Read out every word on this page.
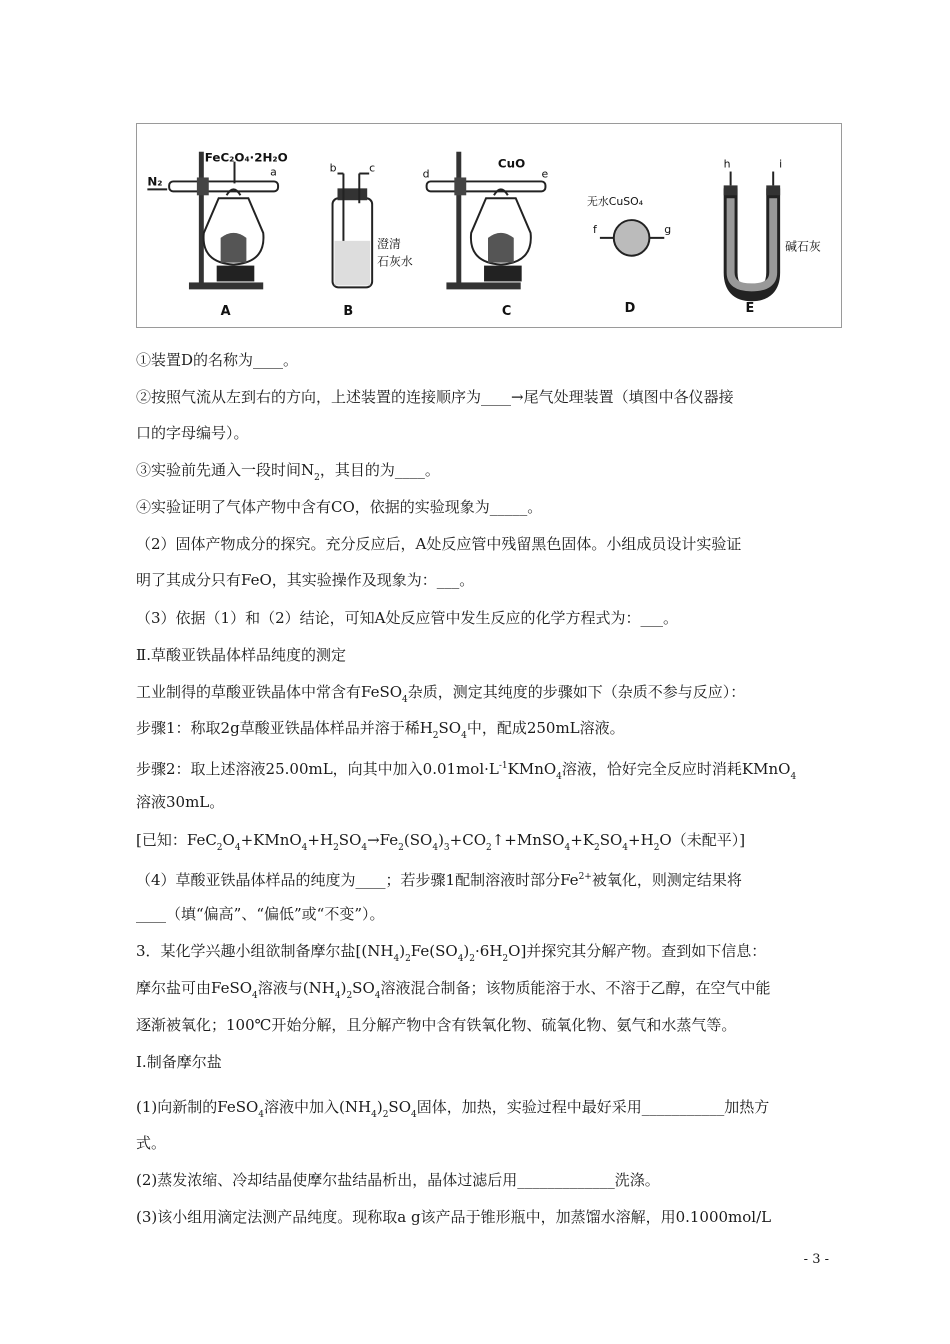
N₂
FeC₂O₄·2H₂O
a
A
b	c
澄清
石灰水
B
CuO
d	e
C
无水CuSO₄
f	g
D
h	i
碱石灰
E
①装置D的名称为____。
②按照气流从左到右的方向，上述装置的连接顺序为____→尾气处理装置（填图中各仪器接
口的字母编号）。
③实验前先通入一段时间$N_2$，其目的为____。
④实验证明了气体产物中含有CO，依据的实验现象为_____。
（2）固体产物成分的探究。充分反应后，A处反应管中残留黑色固体。小组成员设计实验证
明了其成分只有FeO，其实验操作及现象为：___。
（3）依据（1）和（2）结论，可知A处反应管中发生反应的化学方程式为：___。
Ⅱ.草酸亚铁晶体样品纯度的测定
工业制得的草酸亚铁晶体中常含有FeSO$_4$杂质，测定其纯度的步骤如下（杂质不参与反应）：
步骤1：称取2g草酸亚铁晶体样品并溶于稀$H_2SO_4$中，配成250mL溶液。
步骤2：取上述溶液25.00mL，向其中加入$0.01mol\cdot L^{-1}KMnO_4$溶液，恰好完全反应时消耗KMnO$_4$
溶液30mL。
[已知：$FeC_2O_4+KMnO_4+H_2SO_4\to Fe_2(SO_4)_3+CO_2↑+MnSO_4+K_2SO_4+H_2O$（未配平）]
（4）草酸亚铁晶体样品的纯度为____；若步骤1配制溶液时部分$Fe^{2+}$被氧化，则测定结果将
____（填“偏高”、“偏低”或“不变”）。
3．某化学兴趣小组欲制备摩尔盐$[(NH_4)_2Fe(SO_4)_2\cdot 6H_2O]$并探究其分解产物。查到如下信息：
摩尔盐可由FeSO$_4$溶液与$(NH_4)_2SO_4$溶液混合制备；该物质能溶于水、不溶于乙醇，在空气中能
逐渐被氧化；100℃开始分解，且分解产物中含有铁氧化物、硫氧化物、氨气和水蒸气等。
I.制备摩尔盐
(1)向新制的FeSO$_4$溶液中加入$(NH_4)_2SO_4$固体，加热，实验过程中最好采用___________加热方
式。
(2)蒸发浓缩、冷却结晶使摩尔盐结晶析出，晶体过滤后用_____________洗涤。
(3)该小组用滴定法测产品纯度。现称取a g该产品于锥形瓶中，加蒸馏水溶解，用0.1000mol/L
- 3 -
